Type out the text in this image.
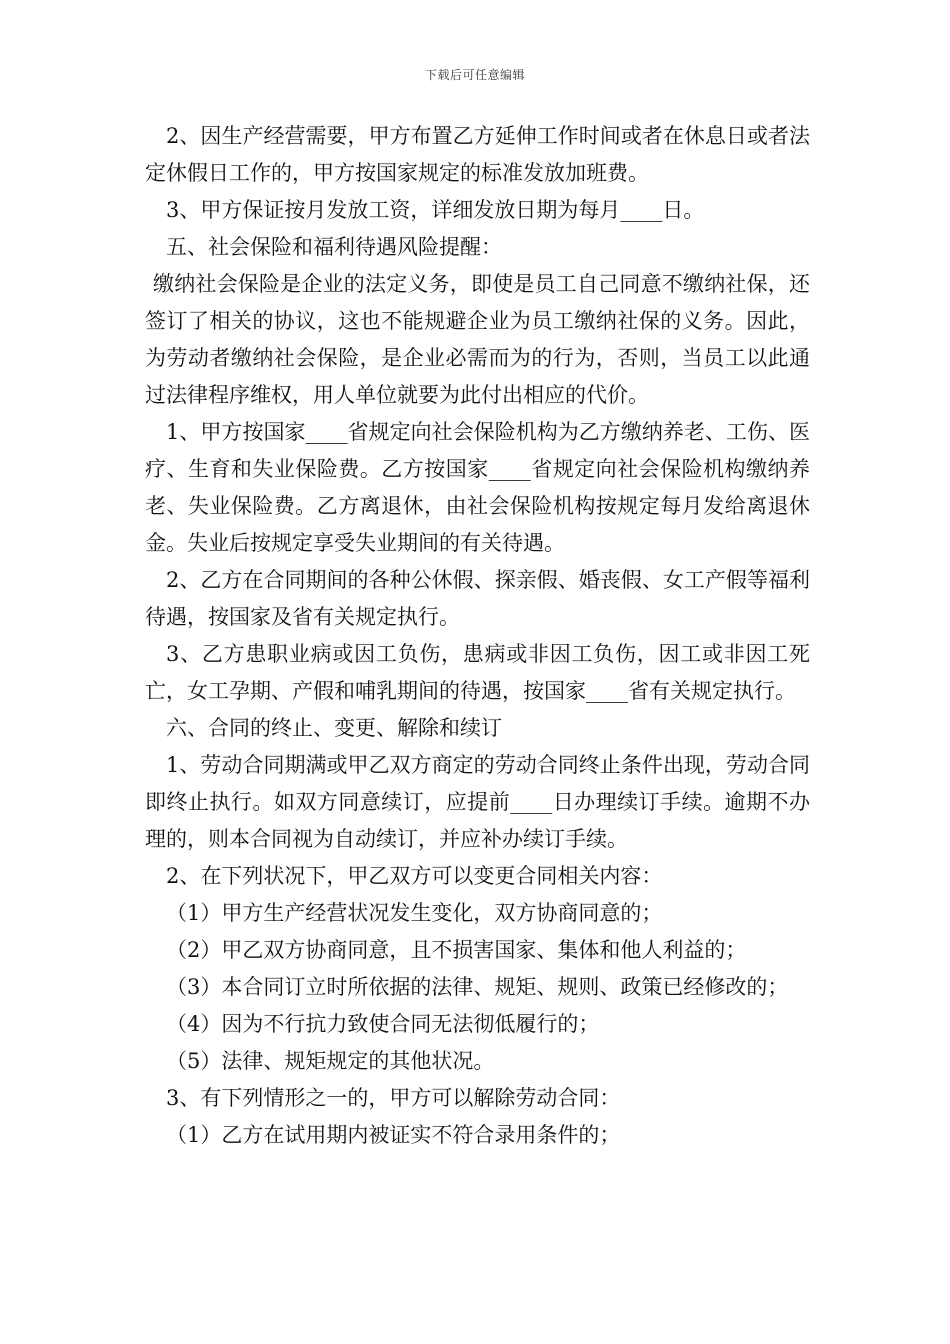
下载后可任意编辑

2、因生产经营需要，甲方布置乙方延伸工作时间或者在休息日或者法定休假日工作的，甲方按国家规定的标准发放加班费。

3、甲方保证按月发放工资，详细发放日期为每月____日。

五、社会保险和福利待遇风险提醒：

缴纳社会保险是企业的法定义务，即使是员工自己同意不缴纳社保，还签订了相关的协议，这也不能规避企业为员工缴纳社保的义务。因此，为劳动者缴纳社会保险，是企业必需而为的行为，否则，当员工以此通过法律程序维权，用人单位就要为此付出相应的代价。

1、甲方按国家____省规定向社会保险机构为乙方缴纳养老、工伤、医疗、生育和失业保险费。乙方按国家____省规定向社会保险机构缴纳养老、失业保险费。乙方离退休，由社会保险机构按规定每月发给离退休金。失业后按规定享受失业期间的有关待遇。

2、乙方在合同期间的各种公休假、探亲假、婚丧假、女工产假等福利待遇，按国家及省有关规定执行。

3、乙方患职业病或因工负伤，患病或非因工负伤，因工或非因工死亡，女工孕期、产假和哺乳期间的待遇，按国家____省有关规定执行。

六、合同的终止、变更、解除和续订

1、劳动合同期满或甲乙双方商定的劳动合同终止条件出现，劳动合同即终止执行。如双方同意续订，应提前____日办理续订手续。逾期不办理的，则本合同视为自动续订，并应补办续订手续。

2、在下列状况下，甲乙双方可以变更合同相关内容：

（1）甲方生产经营状况发生变化，双方协商同意的；

（2）甲乙双方协商同意，且不损害国家、集体和他人利益的；

（3）本合同订立时所依据的法律、规矩、规则、政策已经修改的；

（4）因为不行抗力致使合同无法彻低履行的；

（5）法律、规矩规定的其他状况。

3、有下列情形之一的，甲方可以解除劳动合同：

（1）乙方在试用期内被证实不符合录用条件的；
